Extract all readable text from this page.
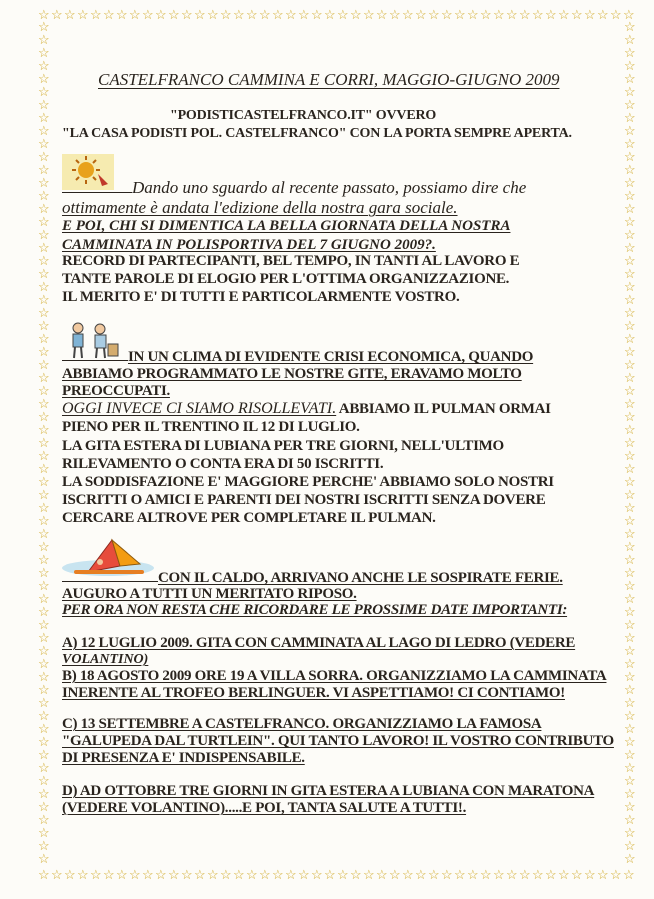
☆
☆
☆
☆
☆
☆
☆
☆
☆
☆
☆
☆
☆
☆
☆
☆
☆
☆
☆
☆
☆
☆
☆
☆
☆
☆
☆
☆
☆
☆
☆
☆
☆
☆
☆
☆
☆
☆
☆
☆
☆
☆
☆
☆
☆
☆
☆
☆
☆
☆
☆
☆
☆
☆
☆
☆
☆
☆
☆
☆
☆
☆
☆
☆
☆
☆
☆
☆
☆
☆
☆
☆
☆
☆
☆
☆
☆
☆
☆
☆
☆
☆
☆
☆
☆
☆
☆
☆
☆
☆
☆
☆
☆	☆
☆	☆
☆	☆
☆	☆
☆	☆
☆	☆
☆	☆
☆	☆
☆	☆
☆	☆
☆	☆
☆	☆
☆	☆
☆	☆
☆	☆
☆	☆
☆	☆
☆	☆
☆	☆
☆	☆
☆	☆
☆	☆
☆	☆
☆	☆
☆	☆
☆	☆
☆	☆
☆	☆
☆	☆
☆	☆
☆	☆
☆	☆
☆	☆
☆	☆
☆	☆
☆	☆
☆	☆
☆	☆
☆	☆
☆	☆
☆	☆
☆	☆
☆	☆
☆	☆
☆	☆
☆	☆
☆	☆
☆	☆
☆	☆
☆	☆
☆	☆
☆	☆
☆	☆
☆	☆
☆	☆
☆	☆
☆	☆
☆	☆
☆	☆
☆	☆
☆	☆
☆	☆
☆	☆
☆	☆
☆	☆
CASTELFRANCO CAMMINA E CORRI, MAGGIO-GIUGNO 2009
"PODISTICASTELFRANCO.IT" OVVERO
"LA CASA PODISTI POL. CASTELFRANCO" CON LA PORTA SEMPRE APERTA.
Dando uno sguardo al recente passato, possiamo dire che
ottimamente è andata l'edizione della nostra gara sociale.
E POI, CHI SI DIMENTICA LA BELLA GIORNATA DELLA NOSTRA
CAMMINATA IN POLISPORTIVA DEL 7 GIUGNO 2009?.
RECORD DI PARTECIPANTI, BEL TEMPO, IN TANTI AL LAVORO E
TANTE PAROLE DI ELOGIO PER L'OTTIMA ORGANIZZAZIONE.
IL MERITO E' DI TUTTI E PARTICOLARMENTE VOSTRO.
IN UN CLIMA DI EVIDENTE CRISI ECONOMICA, QUANDO
ABBIAMO PROGRAMMATO LE NOSTRE GITE, ERAVAMO MOLTO
PREOCCUPATI.
OGGI INVECE CI SIAMO RISOLLEVATI. ABBIAMO IL PULMAN ORMAI
PIENO PER IL TRENTINO IL 12 DI LUGLIO.
LA GITA ESTERA DI LUBIANA PER TRE GIORNI, NELL'ULTIMO
RILEVAMENTO O CONTA ERA DI 50 ISCRITTI.
LA SODDISFAZIONE E' MAGGIORE PERCHE' ABBIAMO SOLO NOSTRI
ISCRITTI O AMICI E PARENTI DEI NOSTRI ISCRITTI SENZA DOVERE
CERCARE ALTROVE PER COMPLETARE IL PULMAN.
CON IL CALDO, ARRIVANO ANCHE LE SOSPIRATE FERIE.
AUGURO A TUTTI UN MERITATO RIPOSO.
PER ORA NON RESTA CHE RICORDARE LE PROSSIME DATE IMPORTANTI:
A) 12 LUGLIO 2009. GITA CON CAMMINATA AL LAGO DI LEDRO (VEDERE
VOLANTINO)
B) 18 AGOSTO 2009 ORE 19 A VILLA SORRA. ORGANIZZIAMO LA CAMMINATA
INERENTE AL TROFEO BERLINGUER. VI ASPETTIAMO! CI CONTIAMO!
C) 13 SETTEMBRE A CASTELFRANCO. ORGANIZZIAMO LA FAMOSA
"GALUPEDA DAL TURTLEIN". QUI TANTO LAVORO! IL VOSTRO CONTRIBUTO
DI PRESENZA E' INDISPENSABILE.
D) AD OTTOBRE TRE GIORNI IN GITA ESTERA A LUBIANA CON MARATONA
(VEDERE VOLANTINO).....E POI, TANTA SALUTE A TUTTI!.
